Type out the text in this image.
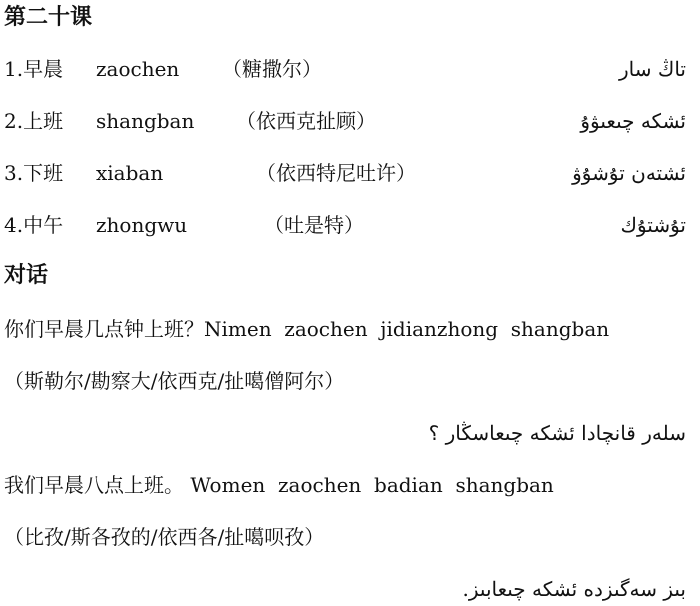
第二十课
1.早晨 zaochen （糖撒尔）	تاڭ سار
2.上班 shangban （依西克扯顾）	ئشكە چىعىۋۇ
3.下班 xiaban	（依西特尼吐许）	ئشتەن تۇشۇۋ
4.中午 zhongwu	（吐是特）	تۇشتۇك
对话
你们早晨几点钟上班？Nimen  zaochen  jidianzhong  shangban
（斯勒尔/勘察大/依西克/扯噶僧阿尔）
سلەر قانچادا ئشكە چىعاسڭار ؟
我们早晨八点上班。 Women  zaochen  badian  shangban
（比孜/斯各孜的/依西各/扯噶呗孜）
بىز سەگىزدە ئشكە چىعابىز.
